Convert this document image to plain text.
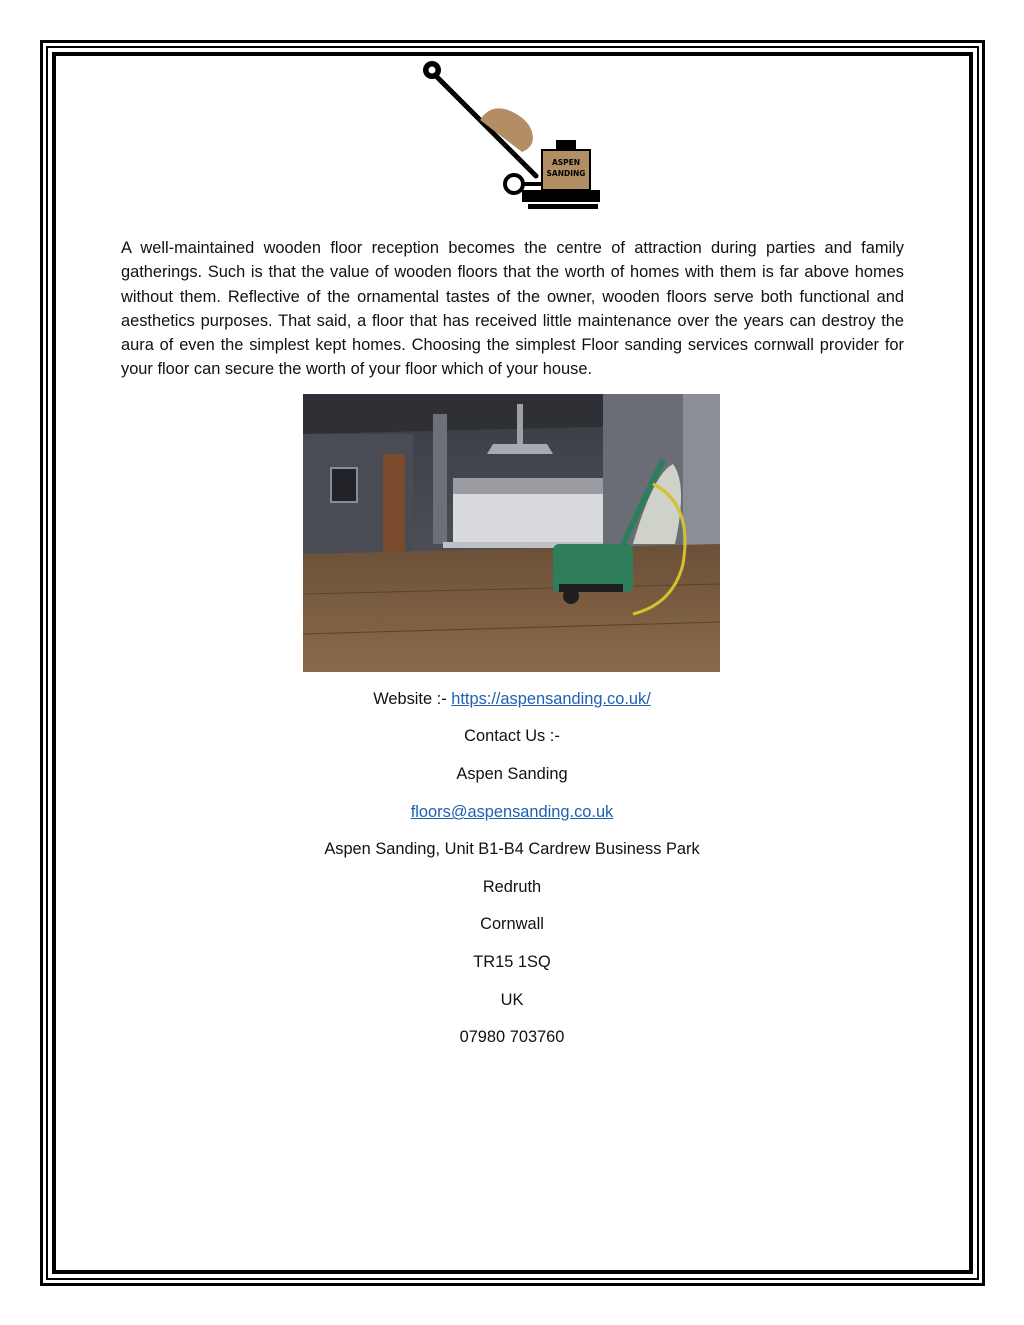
ASPEN
SANDING

A well-maintained wooden floor reception becomes the centre of attraction during parties and family gatherings. Such is that the value of wooden floors that the worth of homes with them is far above homes without them. Reflective of the ornamental tastes of the owner, wooden floors serve both functional and aesthetics purposes. That said, a floor that has received little maintenance over the years can destroy the aura of even the simplest kept homes. Choosing the simplest Floor sanding services cornwall provider for your floor can secure the worth of your floor which of your house.

Website :- https://aspensanding.co.uk/

Contact Us :-

Aspen Sanding

floors@aspensanding.co.uk

Aspen Sanding, Unit B1-B4 Cardrew Business Park

Redruth

Cornwall

TR15 1SQ

UK

07980 703760
